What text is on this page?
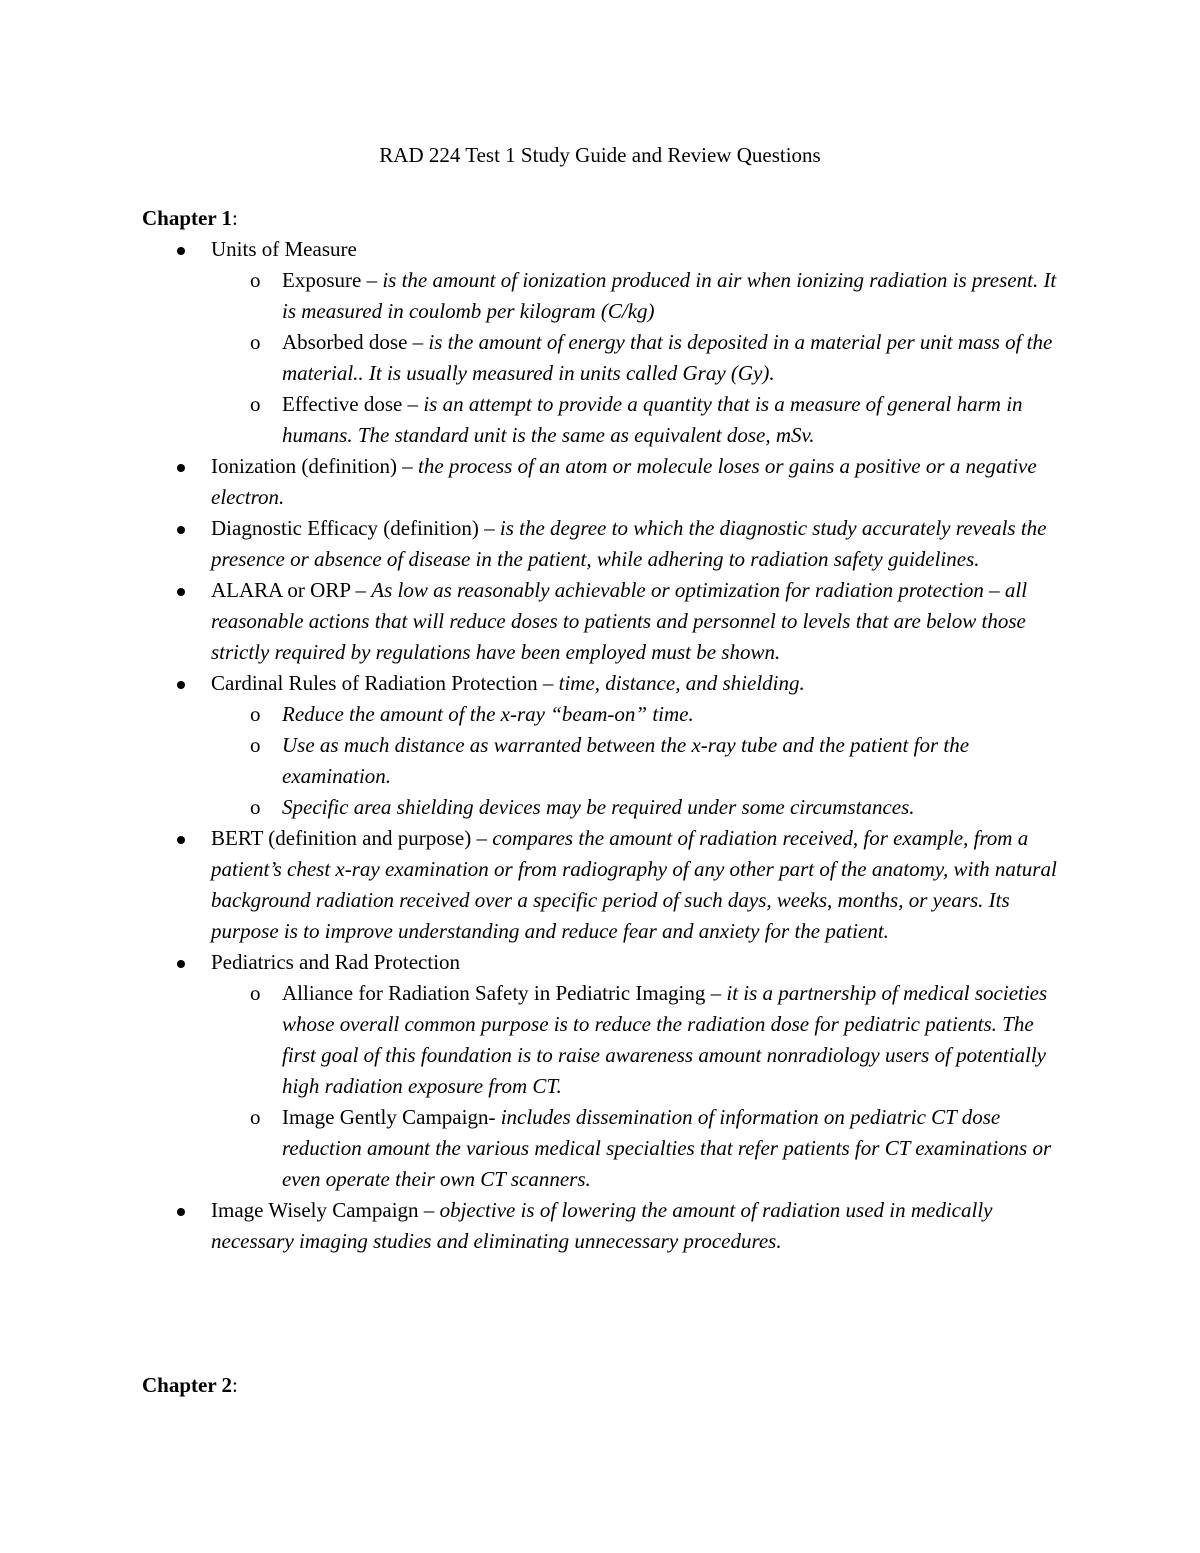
RAD 224 Test 1 Study Guide and Review Questions
Chapter 1:
Units of Measure
o Exposure – is the amount of ionization produced in air when ionizing radiation is present. It is measured in coulomb per kilogram (C/kg)
o Absorbed dose – is the amount of energy that is deposited in a material per unit mass of the material.. It is usually measured in units called Gray (Gy).
o Effective dose – is an attempt to provide a quantity that is a measure of general harm in humans. The standard unit is the same as equivalent dose, mSv.
Ionization (definition) – the process of an atom or molecule loses or gains a positive or a negative electron.
Diagnostic Efficacy (definition) – is the degree to which the diagnostic study accurately reveals the presence or absence of disease in the patient, while adhering to radiation safety guidelines.
ALARA or ORP – As low as reasonably achievable or optimization for radiation protection – all reasonable actions that will reduce doses to patients and personnel to levels that are below those strictly required by regulations have been employed must be shown.
Cardinal Rules of Radiation Protection – time, distance, and shielding.
o Reduce the amount of the x-ray “beam-on” time.
o Use as much distance as warranted between the x-ray tube and the patient for the examination.
o Specific area shielding devices may be required under some circumstances.
BERT (definition and purpose) – compares the amount of radiation received, for example, from a patient’s chest x-ray examination or from radiography of any other part of the anatomy, with natural background radiation received over a specific period of such days, weeks, months, or years. Its purpose is to improve understanding and reduce fear and anxiety for the patient.
Pediatrics and Rad Protection
o Alliance for Radiation Safety in Pediatric Imaging – it is a partnership of medical societies whose overall common purpose is to reduce the radiation dose for pediatric patients. The first goal of this foundation is to raise awareness amount nonradiology users of potentially high radiation exposure from CT.
o Image Gently Campaign- includes dissemination of information on pediatric CT dose reduction amount the various medical specialties that refer patients for CT examinations or even operate their own CT scanners.
Image Wisely Campaign – objective is of lowering the amount of radiation used in medically necessary imaging studies and eliminating unnecessary procedures.
Chapter 2:
